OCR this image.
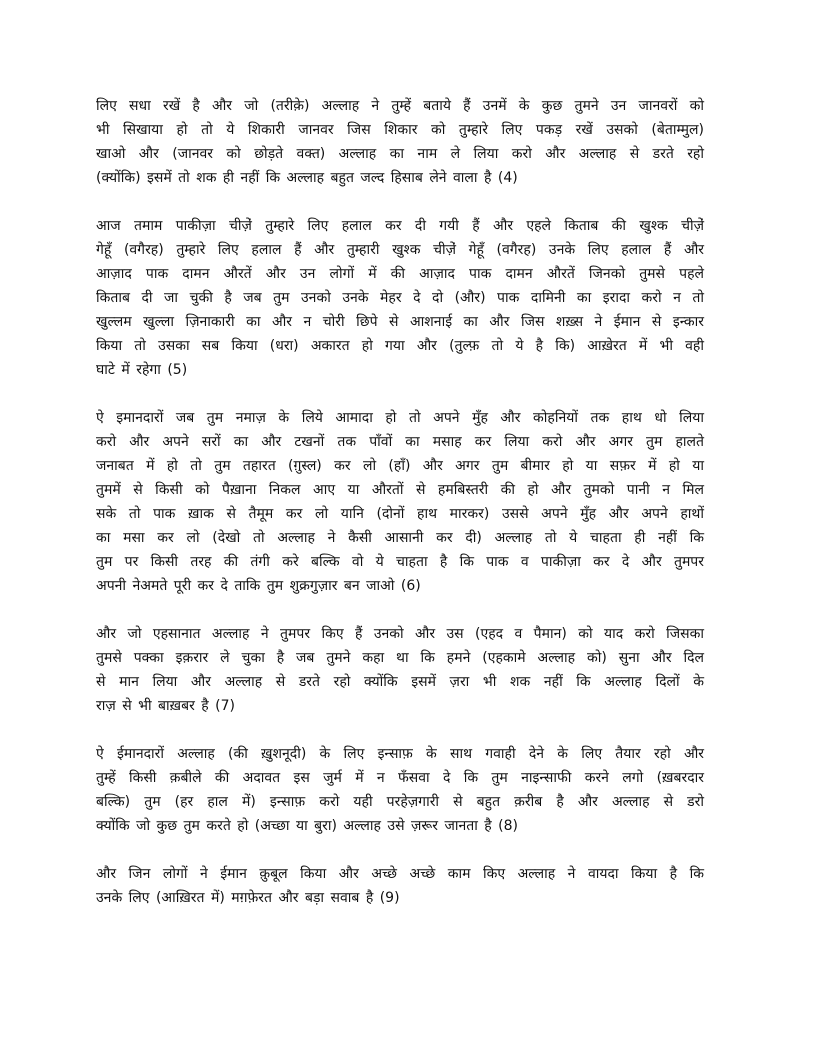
लिए सधा रखें है और जो (तरीके़) अल्लाह ने तुम्हें बताये हैं उनमें के कुछ तुमने उन जानवरों को
भी सिखाया हो तो ये शिकारी जानवर जिस शिकार को तुम्हारे लिए पकड़ रखें उसको (बेताम्मुल)
खाओ और (जानवर को छोड़ते वक्त) अल्लाह का नाम ले लिया करो और अल्लाह से डरते रहो
(क्योंकि) इसमें तो शक ही नहीं कि अल्लाह बहुत जल्द हिसाब लेने वाला है (4)

आज तमाम पाकीज़ा चीजे़ं तुम्हारे लिए हलाल कर दी गयी हैं और एहले किताब की खुश्क चीजे़ं
गेहूँ (वगैरह) तुम्हारे लिए हलाल हैं और तुम्हारी खुश्क चीजे़ं गेहूँ (वगैरह) उनके लिए हलाल हैं और
आज़ाद पाक दामन औरतें और उन लोगों में की आज़ाद पाक दामन औरतें जिनको तुमसे पहले
किताब दी जा चुकी है जब तुम उनको उनके मेहर दे दो (और) पाक दामिनी का इरादा करो न तो
खुल्लम खुल्ला ज़िनाकारी का और न चोरी छिपे से आशनाई का और जिस शख़्स ने ईमान से इन्कार
किया तो उसका सब किया (धरा) अकारत हो गया और (तुल्फ़ तो ये है कि) आख़ेरत में भी वही
घाटे में रहेगा (5)

ऐ इमानदारों जब तुम नमाज़ के लिये आमादा हो तो अपने मुँह और कोहनियों तक हाथ धो लिया
करो और अपने सरों का और टखनों तक पाँवों का मसाह कर लिया करो और अगर तुम हालते
जनाबत में हो तो तुम तहारत (ग़ुस्ल) कर लो (हाँ) और अगर तुम बीमार हो या सफ़र में हो या
तुममें से किसी को पैख़ाना निकल आए या औरतों से हमबिस्तरी की हो और तुमको पानी न मिल
सके तो पाक ख़ाक से तैमूम कर लो यानि (दोनों हाथ मारकर) उससे अपने मुँह और अपने हाथों
का मसा कर लो (देखो तो अल्लाह ने कैसी आसानी कर दी) अल्लाह तो ये चाहता ही नहीं कि
तुम पर किसी तरह की तंगी करे बल्कि वो ये चाहता है कि पाक व पाकीज़ा कर दे और तुमपर
अपनी नेअमते पूरी कर दे ताकि तुम शुक्रगुज़ार बन जाओ (6)

और जो एहसानात अल्लाह ने तुमपर किए हैं उनको और उस (एहद व पैमान) को याद करो जिसका
तुमसे पक्का इक़रार ले चुका है जब तुमने कहा था कि हमने (एहकामे अल्लाह को) सुना और दिल
से मान लिया और अल्लाह से डरते रहो क्योंकि इसमें ज़रा भी शक नहीं कि अल्लाह दिलों के
राज़ से भी बाख़बर है (7)

ऐ ईमानदारों अल्लाह (की खु़शनूदी) के लिए इन्साफ़ के साथ गवाही देने के लिए तैयार रहो और
तुम्हें किसी क़बीले की अदावत इस जुर्म में न फँसवा दे कि तुम नाइन्साफी करने लगो (ख़बरदार
बल्कि) तुम (हर हाल में) इन्साफ़ करो यही परहेज़गारी से बहुत क़रीब है और अल्लाह से डरो
क्योंकि जो कुछ तुम करते हो (अच्छा या बुरा) अल्लाह उसे ज़रूर जानता है (8)

और जिन लोगों ने ईमान क़ुबूल किया और अच्छे अच्छे काम किए अल्लाह ने वायदा किया है कि
उनके लिए (आख़िरत में) मग़फ़ेरत और बड़ा सवाब है (9)
